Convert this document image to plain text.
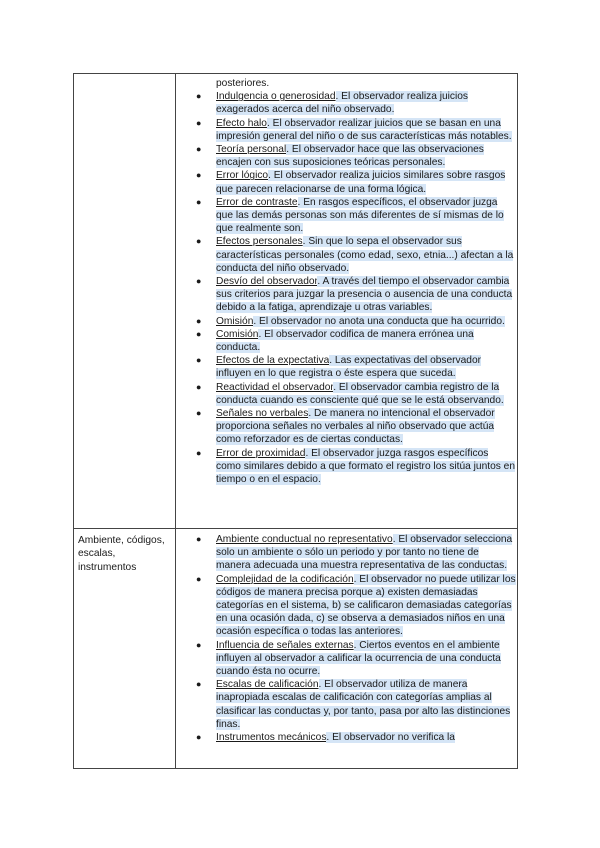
posteriores.
● Indulgencia o generosidad. El observador realiza juicios exagerados acerca del niño observado.
● Efecto halo. El observador realizar juicios que se basan en una impresión general del niño o de sus características más notables.
● Teoría personal. El observador hace que las observaciones encajen con sus suposiciones teóricas personales.
● Error lógico. El observador realiza juicios similares sobre rasgos que parecen relacionarse de una forma lógica.
● Error de contraste. En rasgos específicos, el observador juzga que las demás personas son más diferentes de sí mismas de lo que realmente son.
● Efectos personales. Sin que lo sepa el observador sus características personales (como edad, sexo, etnia...) afectan a la conducta del niño observado.
● Desvío del observador. A través del tiempo el observador cambia sus criterios para juzgar la presencia o ausencia de una conducta debido a la fatiga, aprendizaje u otras variables.
● Omisión. El observador no anota una conducta que ha ocurrido.
● Comisión. El observador codifica de manera errónea una conducta.
● Efectos de la expectativa. Las expectativas del observador influyen en lo que registra o éste espera que suceda.
● Reactividad el observador. El observador cambia registro de la conducta cuando es consciente qué que se le está observando.
● Señales no verbales. De manera no intencional el observador proporciona señales no verbales al niño observado que actúa como reforzador es de ciertas conductas.
● Error de proximidad. El observador juzga rasgos específicos como similares debido a que formato el registro los sitúa juntos en tiempo o en el espacio.
Ambiente, códigos, escalas, instrumentos
● Ambiente conductual no representativo. El observador selecciona solo un ambiente o sólo un periodo y por tanto no tiene de manera adecuada una muestra representativa de las conductas.
● Complejidad de la codificación. El observador no puede utilizar los códigos de manera precisa porque a) existen demasiadas categorías en el sistema, b) se calificaron demasiadas categorías en una ocasión dada, c) se observa a demasiados niños en una ocasión específica o todas las anteriores.
● Influencia de señales externas. Ciertos eventos en el ambiente influyen al observador a calificar la ocurrencia de una conducta cuando ésta no ocurre.
● Escalas de calificación. El observador utiliza de manera inapropiada escalas de calificación con categorías amplias al clasificar las conductas y, por tanto, pasa por alto las distinciones finas.
● Instrumentos mecánicos. El observador no verifica la
